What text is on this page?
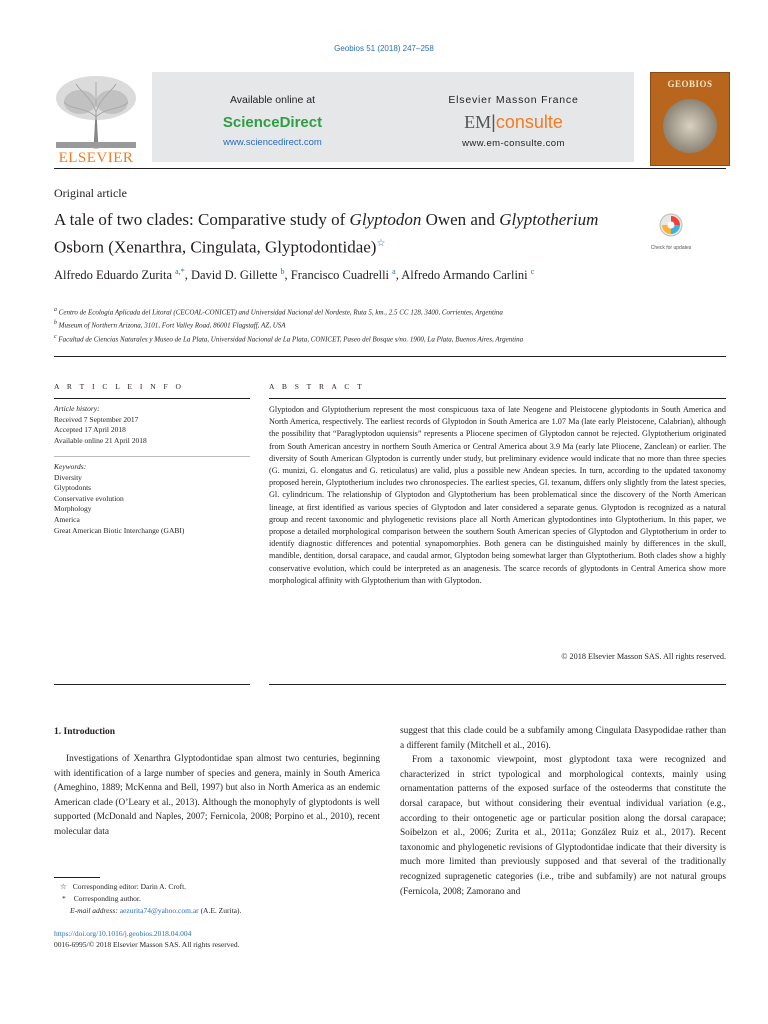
Geobios 51 (2018) 247–258
ELSEVIER
Available online at
ScienceDirect
www.sciencedirect.com
Elsevier Masson France
EM|consulte
www.em-consulte.com
GEOBIOS
Original article
A tale of two clades: Comparative study of Glyptodon Owen and Glyptotherium Osborn (Xenarthra, Cingulata, Glyptodontidae)☆	Check for updates
Alfredo Eduardo Zurita $^{a,*}$, David D. Gillette $^b$, Francisco Cuadrelli $^a$, Alfredo Armando Carlini $^c$
$^a$ Centro de Ecología Aplicada del Litoral (CECOAL-CONICET) and Universidad Nacional del Nordeste, Ruta 5, km., 2.5 CC 128, 3400, Corrientes, Argentina
$^b$ Museum of Northern Arizona, 3101, Fort Valley Road, 86001 Flagstaff, AZ, USA
$^c$ Facultad de Ciencias Naturales y Museo de La Plata, Universidad Nacional de La Plata, CONICET, Paseo del Bosque s/no. 1900, La Plata, Buenos Aires, Argentina
A R T I C L E I N F O
Article history:
Received 7 September 2017
Accepted 17 April 2018
Available online 21 April 2018
Keywords:
Diversity
Glyptodonts
Conservative evolution
Morphology
America
Great American Biotic Interchange (GABI)
A B S T R A C T
Glyptodon and Glyptotherium represent the most conspicuous taxa of late Neogene and Pleistocene glyptodonts in South America and North America, respectively. The earliest records of Glyptodon in South America are 1.07 Ma (late early Pleistocene, Calabrian), although the possibility that “Paraglyptodon uquiensis” represents a Pliocene specimen of Glyptodon cannot be rejected. Glyptotherium originated from South American ancestry in northern South America or Central America about 3.9 Ma (early late Pliocene, Zanclean) or earlier. The diversity of South American Glyptodon is currently under study, but preliminary evidence would indicate that no more than three species (G. munizi, G. elongatus and G. reticulatus) are valid, plus a possible new Andean species. In turn, according to the updated taxonomy proposed herein, Glyptotherium includes two chronospecies. The earliest species, Gl. texanum, differs only slightly from the latest species, Gl. cylindricum. The relationship of Glyptodon and Glyptotherium has been problematical since the discovery of the North American lineage, at first identified as various species of Glyptodon and later considered a separate genus. Glyptodon is recognized as a natural group and recent taxonomic and phylogenetic revisions place all North American glyptodontines into Glyptotherium. In this paper, we propose a detailed morphological comparison between the southern South American species of Glyptodon and Glyptotherium in order to identify diagnostic differences and potential synapomorphies. Both genera can be distinguished mainly by differences in the skull, mandible, dentition, dorsal carapace, and caudal armor, Glyptodon being somewhat larger than Glyptotherium. Both clades show a highly conservative evolution, which could be interpreted as an anagenesis. The scarce records of glyptodonts in Central America show more morphological affinity with Glyptotherium than with Glyptodon.
© 2018 Elsevier Masson SAS. All rights reserved.
1. Introduction

Investigations of Xenarthra Glyptodontidae span almost two centuries, beginning with identification of a large number of species and genera, mainly in South America (Ameghino, 1889; McKenna and Bell, 1997) but also in North America as an endemic American clade (O’Leary et al., 2013). Although the monophyly of glyptodonts is well supported (McDonald and Naples, 2007; Fernicola, 2008; Porpino et al., 2010), recent molecular data

suggest that this clade could be a subfamily among Cingulata Dasypodidae rather than a different family (Mitchell et al., 2016).

From a taxonomic viewpoint, most glyptodont taxa were recognized and characterized in strict typological and morphological contexts, mainly using ornamentation patterns of the exposed surface of the osteoderms that constitute the dorsal carapace, but without considering their eventual individual variation (e.g., according to their ontogenetic age or particular position along the dorsal carapace; Soibelzon et al., 2006; Zurita et al., 2011a; González Ruiz et al., 2017). Recent taxonomic and phylogenetic revisions of Glyptodontidae indicate that their diversity is much more limited than previously supposed and that several of the traditionally recognized supragenetic categories (i.e., tribe and subfamily) are not natural groups (Fernicola, 2008; Zamorano and

☆ Corresponding editor: Darin A. Croft.
* Corresponding author.
E-mail address: aezurita74@yahoo.com.ar (A.E. Zurita).
https://doi.org/10.1016/j.geobios.2018.04.004
0016-6995/© 2018 Elsevier Masson SAS. All rights reserved.
